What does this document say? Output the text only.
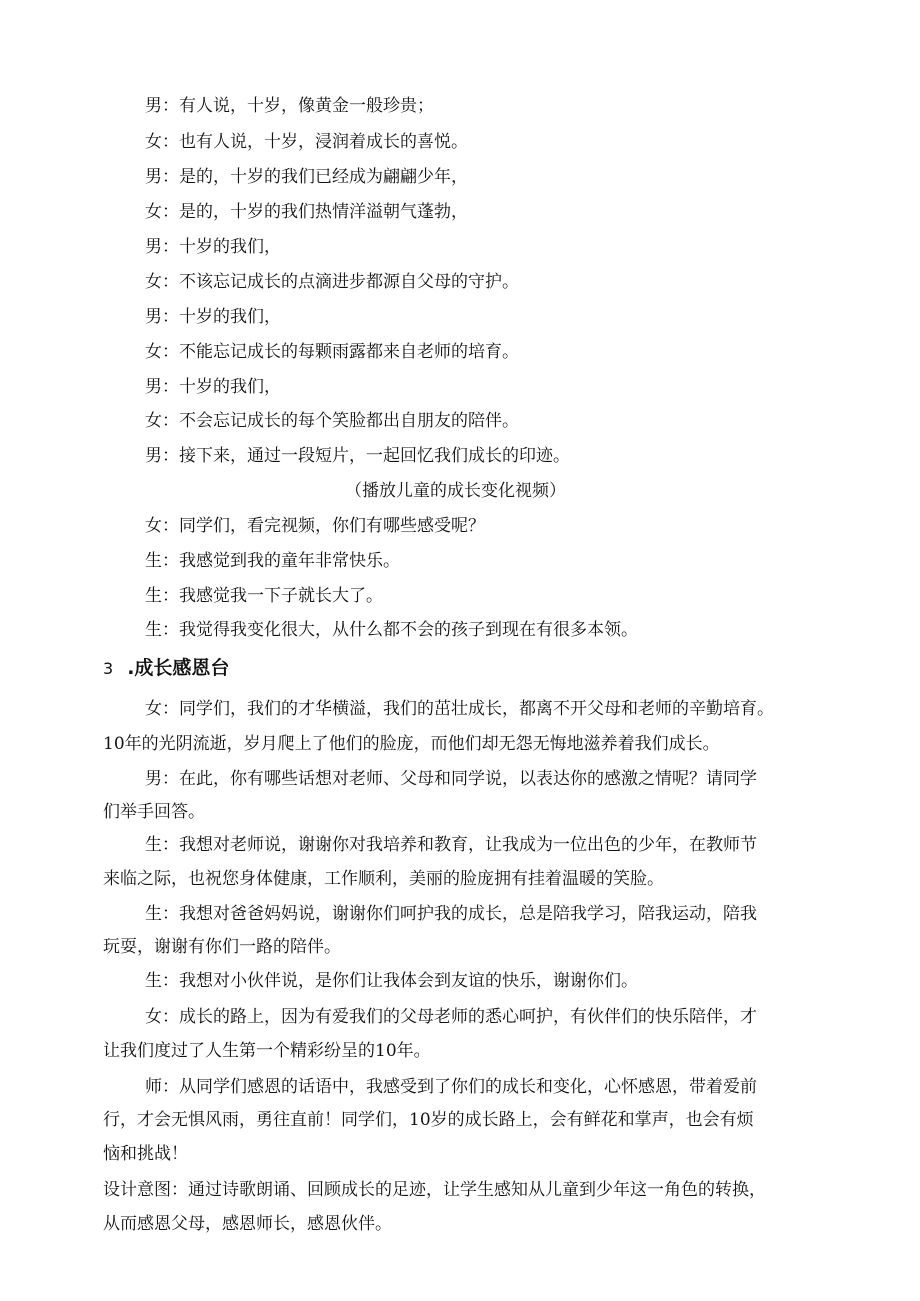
男：有人说，十岁，像黄金一般珍贵；
女：也有人说，十岁，浸润着成长的喜悦。
男：是的，十岁的我们已经成为翩翩少年，
女：是的，十岁的我们热情洋溢朝气蓬勃，
男：十岁的我们，
女：不该忘记成长的点滴进步都源自父母的守护。
男：十岁的我们，
女：不能忘记成长的每颗雨露都来自老师的培育。
男：十岁的我们，
女：不会忘记成长的每个笑脸都出自朋友的陪伴。
男：接下来，通过一段短片，一起回忆我们成长的印迹。
（播放儿童的成长变化视频）
女：同学们，看完视频，你们有哪些感受呢？
生：我感觉到我的童年非常快乐。
生：我感觉我一下子就长大了。
生：我觉得我变化很大，从什么都不会的孩子到现在有很多本领。
3 .成长感恩台
女：同学们，我们的才华横溢，我们的茁壮成长，都离不开父母和老师的辛勤培育。
10年的光阴流逝，岁月爬上了他们的脸庞，而他们却无怨无悔地滋养着我们成长。
男：在此，你有哪些话想对老师、父母和同学说，以表达你的感激之情呢？请同学
们举手回答。
生：我想对老师说，谢谢你对我培养和教育，让我成为一位出色的少年，在教师节
来临之际，也祝您身体健康，工作顺利，美丽的脸庞拥有挂着温暖的笑脸。
生：我想对爸爸妈妈说，谢谢你们呵护我的成长，总是陪我学习，陪我运动，陪我
玩耍，谢谢有你们一路的陪伴。
生：我想对小伙伴说，是你们让我体会到友谊的快乐，谢谢你们。
女：成长的路上，因为有爱我们的父母老师的悉心呵护，有伙伴们的快乐陪伴，才
让我们度过了人生第一个精彩纷呈的10年。
师：从同学们感恩的话语中，我感受到了你们的成长和变化，心怀感恩，带着爱前
行，才会无惧风雨，勇往直前！同学们，10岁的成长路上，会有鲜花和掌声，也会有烦
恼和挑战！
设计意图：通过诗歌朗诵、回顾成长的足迹，让学生感知从儿童到少年这一角色的转换，
从而感恩父母，感恩师长，感恩伙伴。
